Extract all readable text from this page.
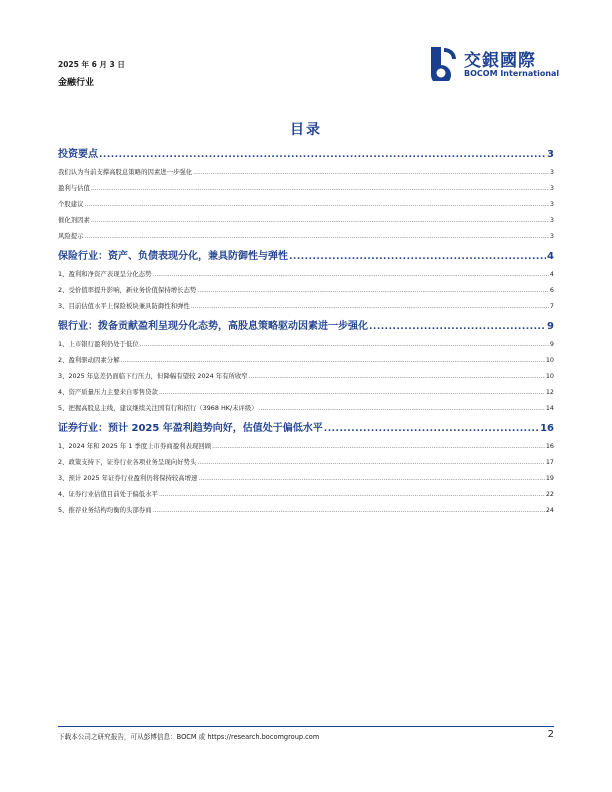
2025 年 6 月 3 日
金融行业
交銀國際
BOCOM International
目录
投资要点 .....	3
我们认为当前支撑高股息策略的因素进一步强化 .....	3
盈利与估值 .....	3
个股建议 .....	3
催化剂因素 .....	3
风险提示 .....	3
保险行业：资产、负债表现分化，兼具防御性与弹性 .....	4
1、盈利和净资产表现呈分化态势 .....	4
2、受价值率提升影响，新业务价值保持增长态势 .....	6
3、目前估值水平上保险板块兼具防御性和弹性 .....	7
银行业：拨备贡献盈利呈现分化态势，高股息策略驱动因素进一步强化 .....	9
1、上市银行盈利仍处于低位 .....	9
2、盈利驱动因素分解 .....	10
3、2025 年息差仍面临下行压力，但降幅有望较 2024 年有所收窄 .....	10
4、资产质量压力主要来自零售贷款 .....	12
5、把握高股息主线，建议继续关注国有行和招行（3968 HK/未评级） .....	14
证券行业：预计 2025 年盈利趋势向好，估值处于偏低水平 .....	16
1、2024 年和 2025 年 1 季度上市券商盈利表现回顾 .....	16
2、政策支持下，证券行业各项业务呈现向好势头 .....	17
3、预计 2025 年证券行业盈利仍将保持较高增速 .....	19
4、证券行业估值目前处于偏低水平 .....	22
5、推荐业务结构均衡的头部券商 .....	24
下载本公司之研究报告，可从彭博信息：BOCM 或 https://research.bocomgroup.com	2
